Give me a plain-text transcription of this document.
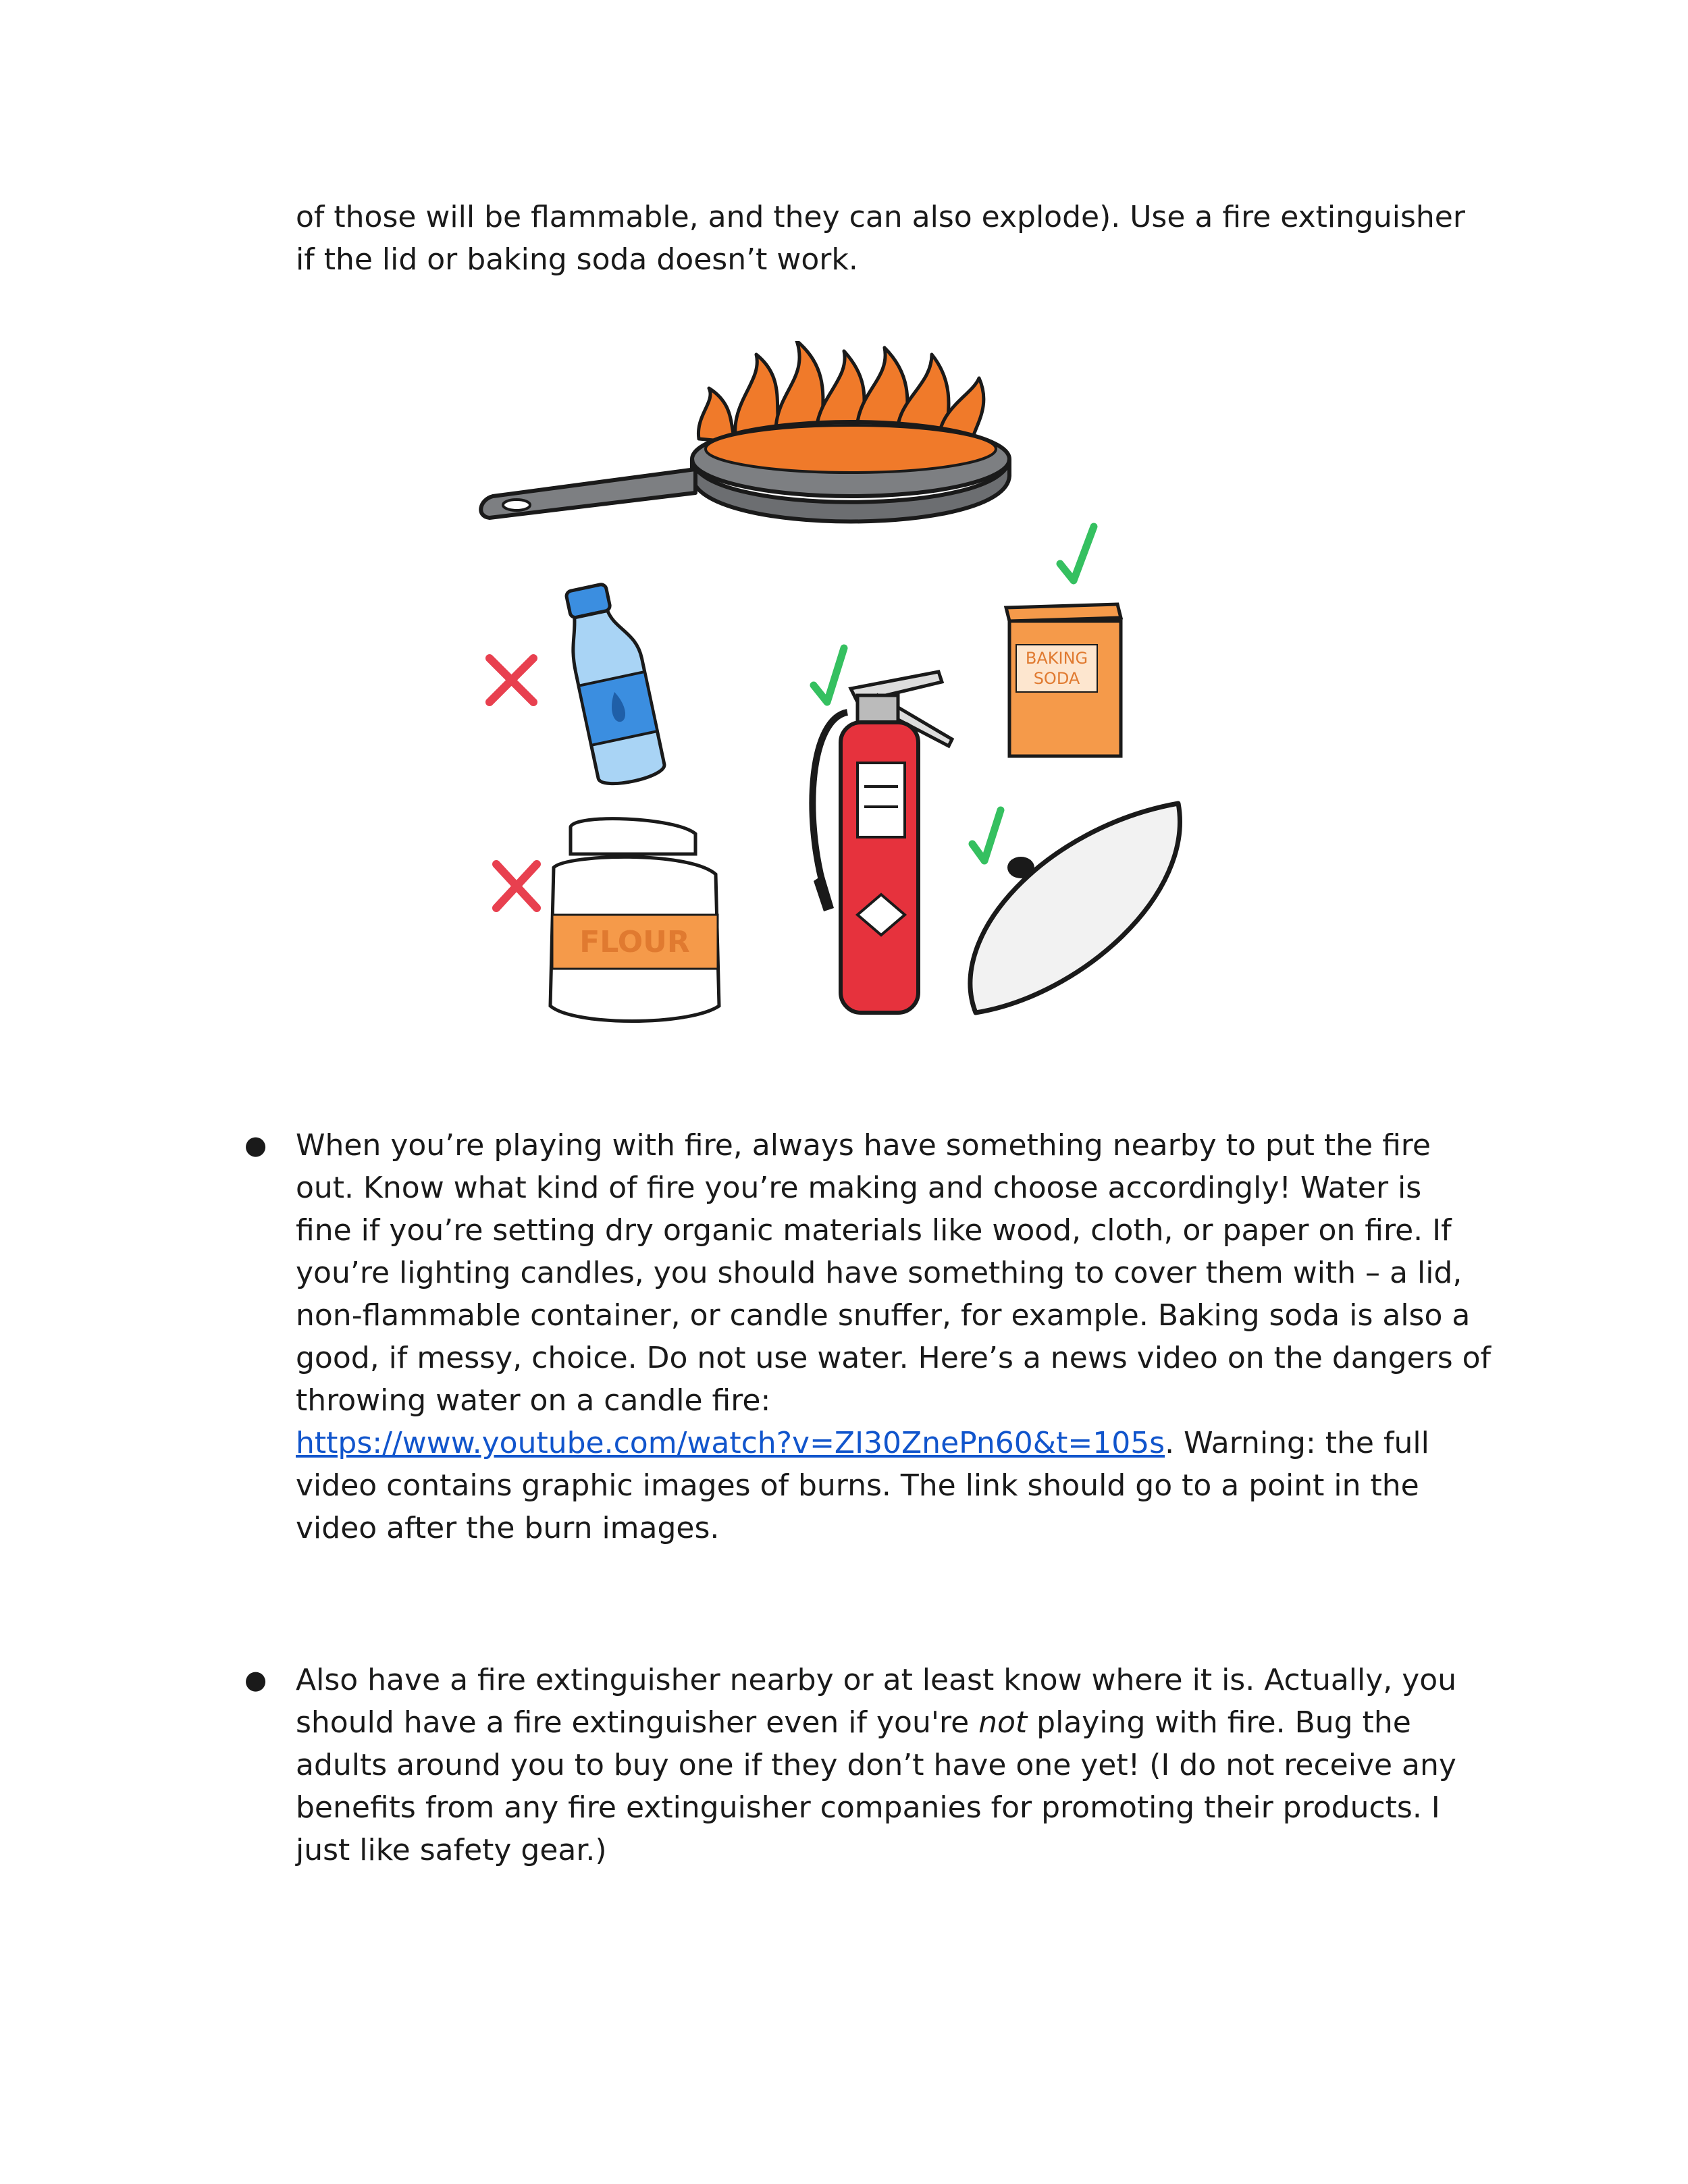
of those will be flammable, and they can also explode). Use a fire extinguisher
if the lid or baking soda doesn’t work.

FLOUR
BAKING
SODA
● When you’re playing with fire, always have something nearby to put the fire
out. Know what kind of fire you’re making and choose accordingly! Water is
fine if you’re setting dry organic materials like wood, cloth, or paper on fire. If
you’re lighting candles, you should have something to cover them with – a lid,
non-flammable container, or candle snuffer, for example. Baking soda is also a
good, if messy, choice. Do not use water. Here’s a news video on the dangers of
throwing water on a candle fire:
https://www.youtube.com/watch?v=ZI30ZnePn60&t=105s. Warning: the full
video contains graphic images of burns. The link should go to a point in the
video after the burn images.

● Also have a fire extinguisher nearby or at least know where it is. Actually, you
should have a fire extinguisher even if you're not playing with fire. Bug the
adults around you to buy one if they don’t have one yet! (I do not receive any
benefits from any fire extinguisher companies for promoting their products. I
just like safety gear.)
